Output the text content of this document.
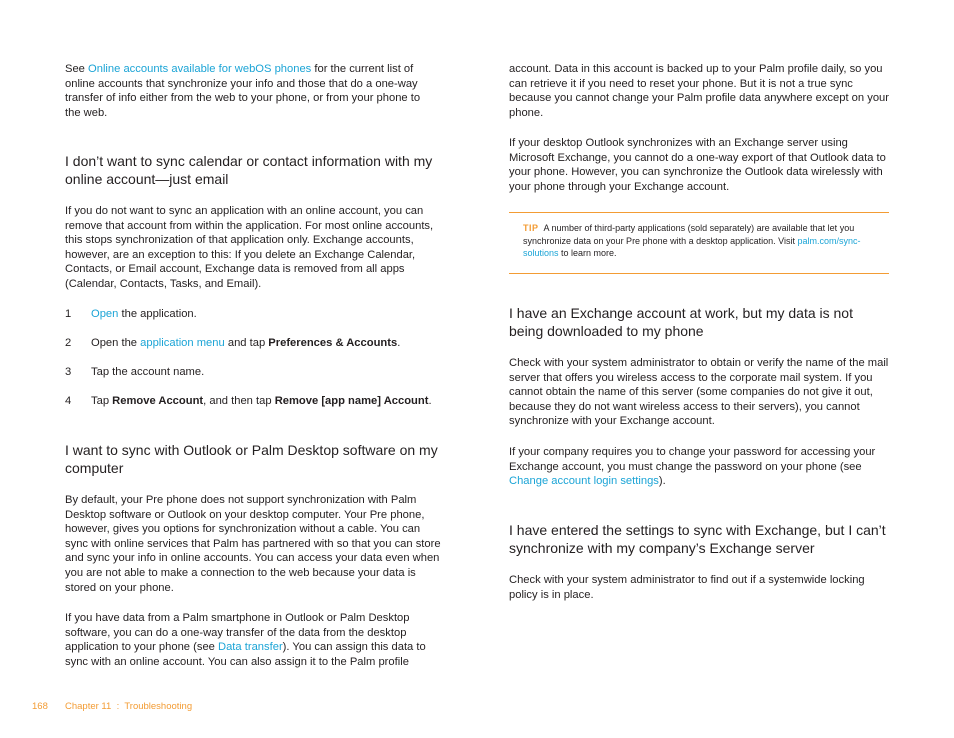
See Online accounts available for webOS phones for the current list of online accounts that synchronize your info and those that do a one-way transfer of info either from the web to your phone, or from your phone to the web.

I don’t want to sync calendar or contact information with my online account—just email

If you do not want to sync an application with an online account, you can remove that account from within the application. For most online accounts, this stops synchronization of that application only. Exchange accounts, however, are an exception to this: If you delete an Exchange Calendar, Contacts, or Email account, Exchange data is removed from all apps (Calendar, Contacts, Tasks, and Email).

1 Open the application.
2 Open the application menu and tap Preferences & Accounts.
3 Tap the account name.
4 Tap Remove Account, and then tap Remove [app name] Account.
I want to sync with Outlook or Palm Desktop software on my computer

By default, your Pre phone does not support synchronization with Palm Desktop software or Outlook on your desktop computer. Your Pre phone, however, gives you options for synchronization without a cable. You can sync with online services that Palm has partnered with so that you can store and sync your info in online accounts. You can access your data even when you are not able to make a connection to the web because your data is stored on your phone.

If you have data from a Palm smartphone in Outlook or Palm Desktop software, you can do a one-way transfer of the data from the desktop application to your phone (see Data transfer). You can assign this data to sync with an online account. You can also assign it to the Palm profile

account. Data in this account is backed up to your Palm profile daily, so you can retrieve it if you need to reset your phone. But it is not a true sync because you cannot change your Palm profile data anywhere except on your phone.

If your desktop Outlook synchronizes with an Exchange server using Microsoft Exchange, you cannot do a one-way export of that Outlook data to your phone. However, you can synchronize the Outlook data wirelessly with your phone through your Exchange account.

TIP A number of third-party applications (sold separately) are available that let you synchronize data on your Pre phone with a desktop application. Visit palm.com/sync-solutions to learn more.

I have an Exchange account at work, but my data is not being downloaded to my phone

Check with your system administrator to obtain or verify the name of the mail server that offers you wireless access to the corporate mail system. If you cannot obtain the name of this server (some companies do not give it out, because they do not want wireless access to their servers), you cannot synchronize with your Exchange account.

If your company requires you to change your password for accessing your Exchange account, you must change the password on your phone (see Change account login settings).

I have entered the settings to sync with Exchange, but I can’t synchronize with my company’s Exchange server

Check with your system administrator to find out if a systemwide locking policy is in place.

168 Chapter 11  :  Troubleshooting
